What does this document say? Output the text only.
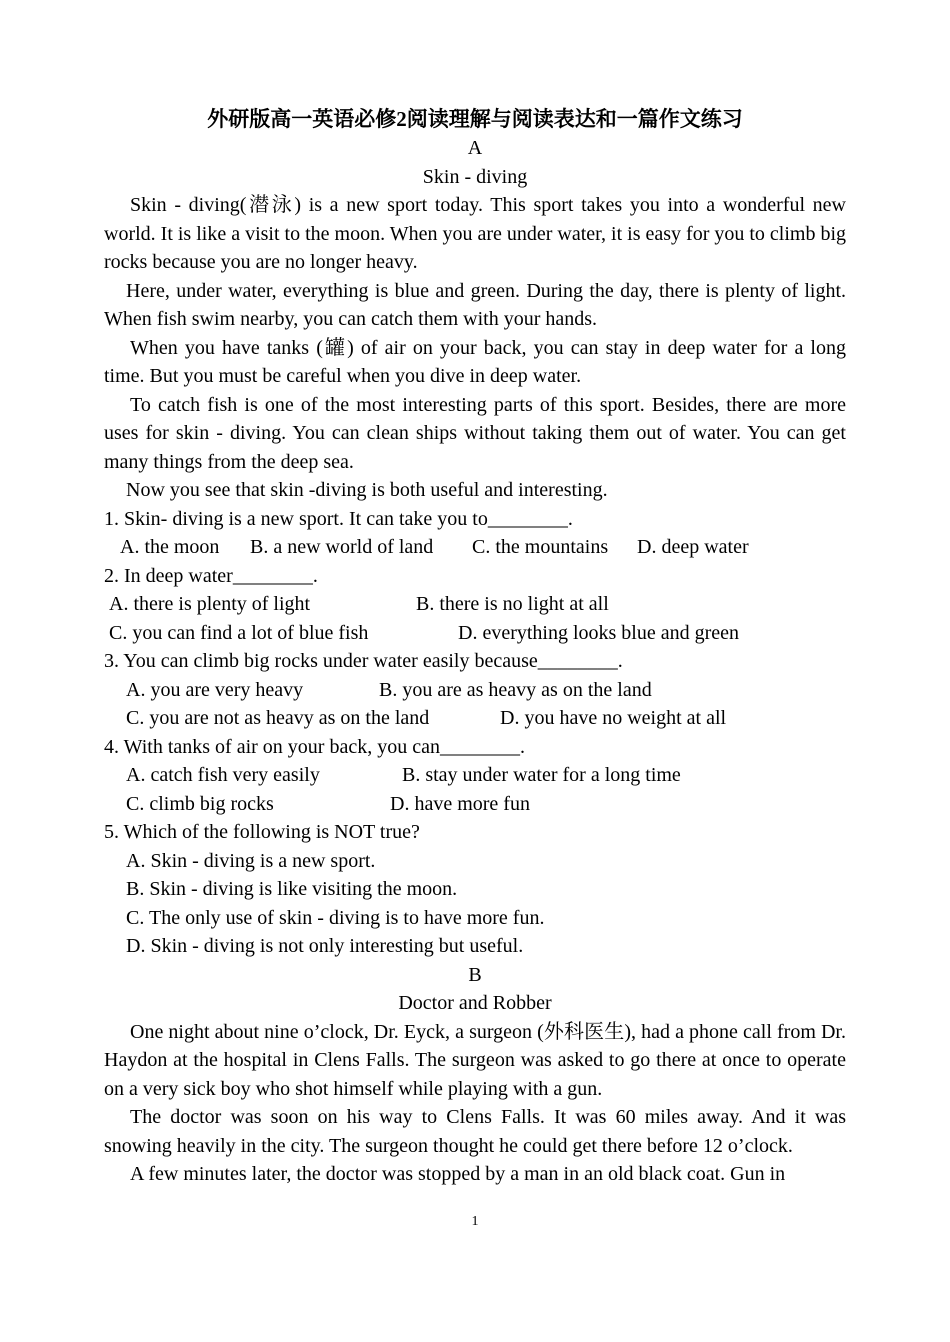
外研版高一英语必修2阅读理解与阅读表达和一篇作文练习
A
Skin - diving

Skin - diving(潜泳) is a new sport today. This sport takes you into a wonderful new world. It is like a visit to the moon. When you are under water, it is easy for you to climb big rocks because you are no longer heavy.

Here, under water, everything is blue and green. During the day, there is plenty of light. When fish swim nearby, you can catch them with your hands.

When you have tanks (罐) of air on your back, you can stay in deep water for a long time. But you must be careful when you dive in deep water.

To catch fish is one of the most interesting parts of this sport. Besides, there are more uses for skin - diving. You can clean ships without taking them out of water. You can get many things from the deep sea.

Now you see that skin -diving is both useful and interesting.

1. Skin- diving is a new sport. It can take you to________.

A. the moon B. a new world of land C. the mountains D. deep water

2. In deep water________.

A. there is plenty of light	B. there is no light at all
C. you can find a lot of blue fish	D. everything looks blue and green

3. You can climb big rocks under water easily because________.

A. you are very heavy	B. you are as heavy as on the land
C. you are not as heavy as on the land	D. you have no weight at all

4. With tanks of air on your back, you can________.

A. catch fish very easily	B. stay under water for a long time
C. climb big rocks	D. have more fun

5. Which of the following is NOT true?

A. Skin - diving is a new sport.
B. Skin - diving is like visiting the moon.
C. The only use of skin - diving is to have more fun.
D. Skin - diving is not only interesting but useful.
B
Doctor and Robber

One night about nine o’clock, Dr. Eyck, a surgeon (外科医生), had a phone call from Dr. Haydon at the hospital in Clens Falls. The surgeon was asked to go there at once to operate on a very sick boy who shot himself while playing with a gun.

The doctor was soon on his way to Clens Falls. It was 60 miles away. And it was snowing heavily in the city. The surgeon thought he could get there before 12 o’clock.

A few minutes later, the doctor was stopped by a man in an old black coat. Gun in

1
